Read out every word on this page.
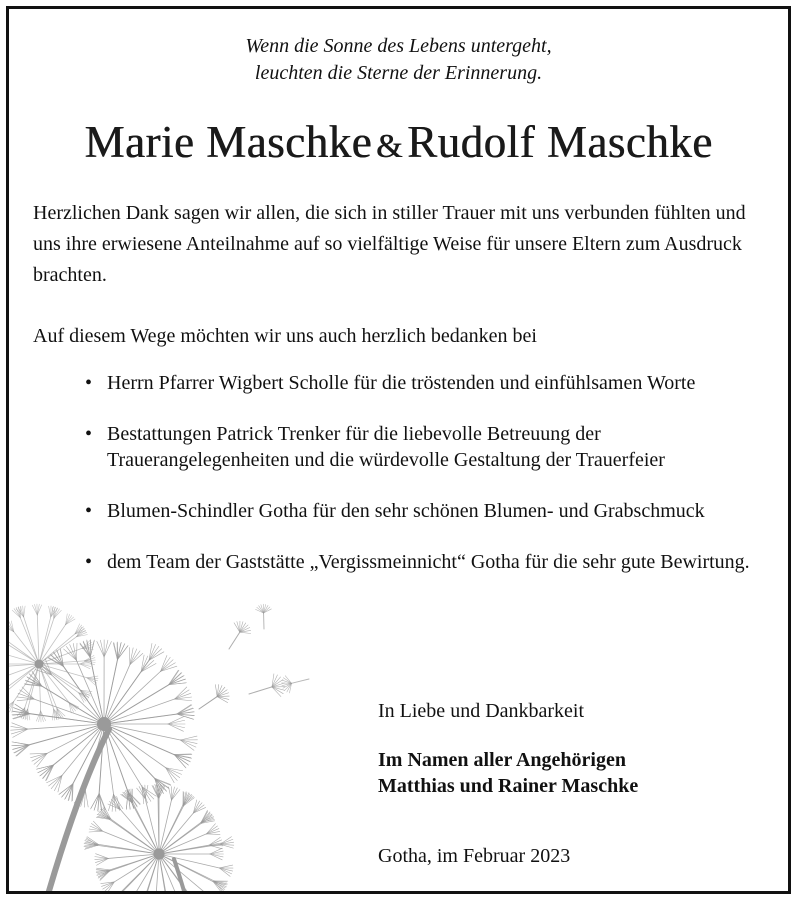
Wenn die Sonne des Lebens untergeht,
leuchten die Sterne der Erinnerung.
Marie Maschke &Rudolf Maschke
Herzlichen Dank sagen wir allen, die sich in stiller Trauer mit uns verbunden fühlten und uns ihre erwiesene Anteilnahme auf so vielfältige Weise für unsere Eltern zum Ausdruck brachten.
Auf diesem Wege möchten wir uns auch herzlich bedanken bei
• Herrn Pfarrer Wigbert Scholle für die tröstenden und einfühlsamen Worte
• Bestattungen Patrick Trenker für die liebevolle Betreuung der Trauerangelegenheiten und die würdevolle Gestaltung der Trauerfeier
• Blumen-Schindler Gotha für den sehr schönen Blumen- und Grabschmuck
• dem Team der Gaststätte „Vergissmeinnicht“ Gotha für die sehr gute Bewirtung.
In Liebe und Dankbarkeit
Im Namen aller Angehörigen
Matthias und Rainer Maschke
Gotha, im Februar 2023
